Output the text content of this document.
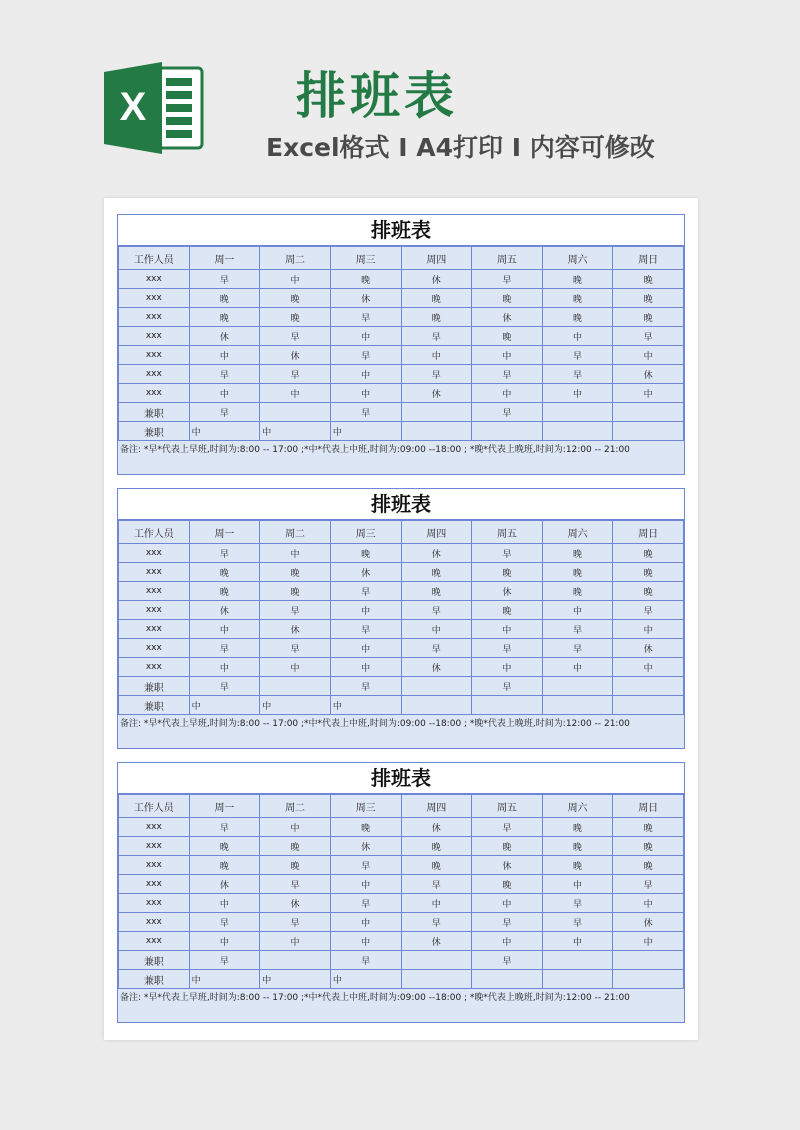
X	排班表
Excel格式 I A4打印 I 内容可修改
排班表
工作人员	周一	周二	周三	周四	周五	周六	周日
xxx	早	中	晚	休	早	晚	晚
xxx	晚	晚	休	晚	晚	晚	晚
xxx	晚	晚	早	晚	休	晚	晚
xxx	休	早	中	早	晚	中	早
xxx	中	休	早	中	中	早	中
xxx	早	早	中	早	早	早	休
xxx	中	中	中	休	中	中	中
兼职	早		早		早		
兼职	中	中	中				
备注: *早*代表上早班,时间为:8:00 -- 17:00 ;*中*代表上中班,时间为:09:00 --18:00 ; *晚*代表上晚班,时间为:12:00 -- 21:00
排班表
工作人员	周一	周二	周三	周四	周五	周六	周日
xxx	早	中	晚	休	早	晚	晚
xxx	晚	晚	休	晚	晚	晚	晚
xxx	晚	晚	早	晚	休	晚	晚
xxx	休	早	中	早	晚	中	早
xxx	中	休	早	中	中	早	中
xxx	早	早	中	早	早	早	休
xxx	中	中	中	休	中	中	中
兼职	早		早		早		
兼职	中	中	中				
备注: *早*代表上早班,时间为:8:00 -- 17:00 ;*中*代表上中班,时间为:09:00 --18:00 ; *晚*代表上晚班,时间为:12:00 -- 21:00
排班表
工作人员	周一	周二	周三	周四	周五	周六	周日
xxx	早	中	晚	休	早	晚	晚
xxx	晚	晚	休	晚	晚	晚	晚
xxx	晚	晚	早	晚	休	晚	晚
xxx	休	早	中	早	晚	中	早
xxx	中	休	早	中	中	早	中
xxx	早	早	中	早	早	早	休
xxx	中	中	中	休	中	中	中
兼职	早		早		早		
兼职	中	中	中				
备注: *早*代表上早班,时间为:8:00 -- 17:00 ;*中*代表上中班,时间为:09:00 --18:00 ; *晚*代表上晚班,时间为:12:00 -- 21:00
